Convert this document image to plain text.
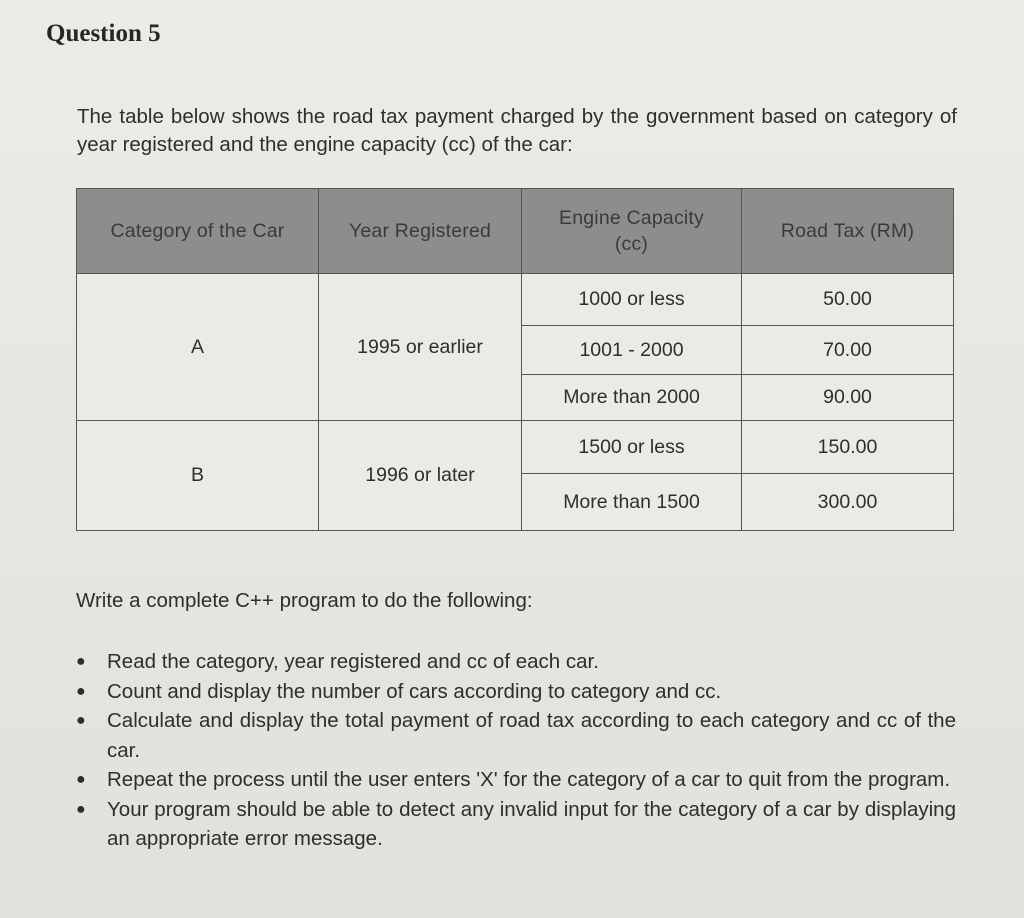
Question 5

The table below shows the road tax payment charged by the government based on category of year registered and the engine capacity (cc) of the car:

Category of the Car	Year Registered	Engine Capacity (cc)	Road Tax (RM)
A	1995 or earlier	1000 or less	50.00
		1001 - 2000	70.00
		More than 2000	90.00
B	1996 or later	1500 or less	150.00
		More than 1500	300.00
Write a complete C++ program to do the following:
●	Read the category, year registered and cc of each car.
●	Count and display the number of cars according to category and cc.
●	Calculate and display the total payment of road tax according to each category and cc of the car.
●	Repeat the process until the user enters 'X' for the category of a car to quit from the program.
●	Your program should be able to detect any invalid input for the category of a car by displaying an appropriate error message.
